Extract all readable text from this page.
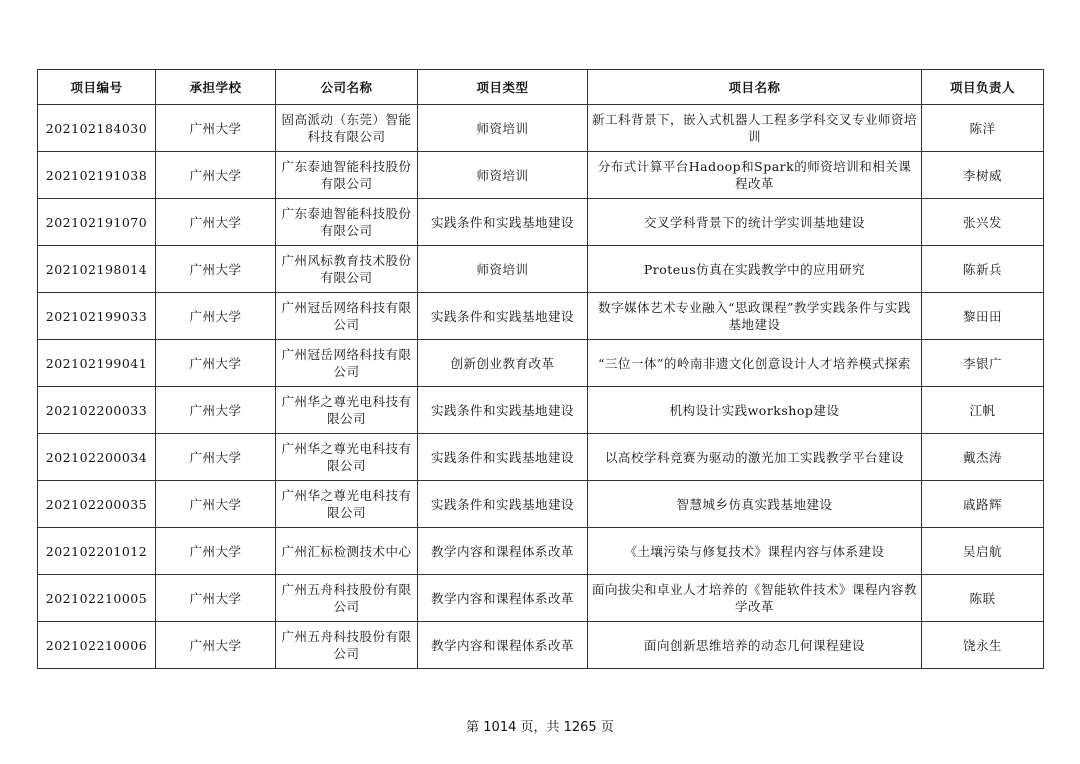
项目编号	承担学校	公司名称	项目类型	项目名称	项目负责人
202102184030	广州大学	固高派动（东莞）智能科技有限公司	师资培训	新工科背景下，嵌入式机器人工程多学科交叉专业师资培训	陈洋
202102191038	广州大学	广东泰迪智能科技股份有限公司	师资培训	分布式计算平台Hadoop和Spark的师资培训和相关课程改革	李树威
202102191070	广州大学	广东泰迪智能科技股份有限公司	实践条件和实践基地建设	交叉学科背景下的统计学实训基地建设	张兴发
202102198014	广州大学	广州风标教育技术股份有限公司	师资培训	Proteus仿真在实践教学中的应用研究	陈新兵
202102199033	广州大学	广州冠岳网络科技有限公司	实践条件和实践基地建设	数字媒体艺术专业融入“思政课程”教学实践条件与实践基地建设	黎田田
202102199041	广州大学	广州冠岳网络科技有限公司	创新创业教育改革	“三位一体”的岭南非遗文化创意设计人才培养模式探索	李银广
202102200033	广州大学	广州华之尊光电科技有限公司	实践条件和实践基地建设	机构设计实践workshop建设	江帆
202102200034	广州大学	广州华之尊光电科技有限公司	实践条件和实践基地建设	以高校学科竞赛为驱动的激光加工实践教学平台建设	戴杰涛
202102200035	广州大学	广州华之尊光电科技有限公司	实践条件和实践基地建设	智慧城乡仿真实践基地建设	戚路辉
202102201012	广州大学	广州汇标检测技术中心	教学内容和课程体系改革	《土壤污染与修复技术》课程内容与体系建设	吴启航
202102210005	广州大学	广州五舟科技股份有限公司	教学内容和课程体系改革	面向拔尖和卓业人才培养的《智能软件技术》课程内容教学改革	陈联
202102210006	广州大学	广州五舟科技股份有限公司	教学内容和课程体系改革	面向创新思维培养的动态几何课程建设	饶永生
第 1014 页，共 1265 页
